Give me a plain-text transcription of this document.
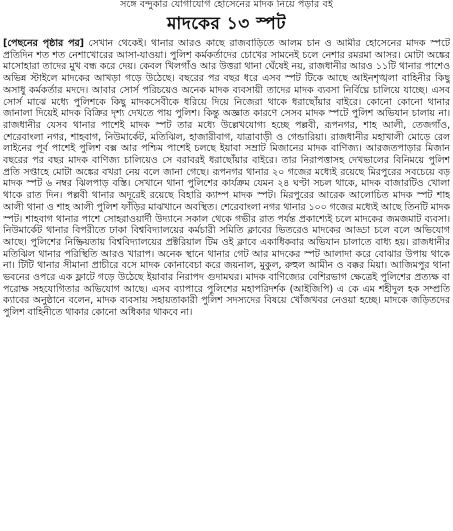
সঙ্গে বন্দুকার যোগাযোগ হোসেনের মাদক নিয়ে পড়ার বই
মাদকের ১৩ স্পট
[পেছনের পৃষ্ঠার পর] সেখান থেকেই। থানার আরও কাছে রাজবাড়িতে আলম চান ও আমীর হোসেনের মাদক স্পটে প্রতিদিন শত শত নেশাখোরের আসা-যাওয়া। পুলিশ কর্মকর্তাদের চোখের সামনেই চলে নেশার রমরমা আসর। মোটা অঙ্কের মাসোহারা তাদের মুখ বন্ধ করে দেয়। কেবল খিলগাঁও আর উত্তরা থানা ঘেঁষেই নয়, রাজধানীর আরও ১১টি থানার পাশেও অভিন্ন স্টাইলে মাদকের আখড়া গড়ে উঠেছে। বছরের পর বছর ধরে এসব স্পট টিকে আছে আইনশৃঙ্খলা বাহিনীর কিছু অসাধু কর্মকর্তার মদদে। আবার সোর্স পরিচয়েও অনেক মাদক ব্যবসায়ী তাদের মাদক ব্যবসা নির্বিঘ্নে চালিয়ে যাচ্ছে। এসব সোর্স মাঝে মধ্যে পুলিশকে কিছু মাদকসেবীকে ধরিয়ে দিয়ে নিজেরা থাকে ধরাছোঁয়ার বাইরে। কোনো কোনো থানার জানালা দিয়েই মাদক বিক্রির দৃশ্য দেখতে পায় পুলিশ। কিন্তু অজ্ঞাত কারণে সেসব মাদক স্পটে পুলিশ অভিযান চালায় না। রাজধানীর যেসব থানার পাশেই মাদক স্পট তার মধ্যে উল্লেখযোগ্য হচ্ছে পল্লবী, রূপনগর, শাহ আলী, তেজগাঁও, শেরেবাংলা নগর, শাহবাগ, নিউমার্কেট, মতিঝিল, হাজারীবাগ, যাত্রাবাড়ী ও গেন্ডারিয়া। রাজধানীর মহাখালী মোড়ে রেল লাইনের পূর্ব পাশেই পুলিশ বক্স আর পশ্চিম পাশেই চলছে ইয়াবা সম্রাট মিজানের মাদক বাণিজ্য। আরজতপাড়ার মিজান বছরের পর বছর মাদক বাণিজ্য চালিয়েও সে বরাবরই ধরাছোঁয়ার বাইরে। তার নিরাপত্তাসহ দেখভালের বিনিময়ে পুলিশ প্রতি সপ্তাহে মোটা অঙ্কের বখরা নেয় বলে জানা গেছে। রূপনগর থানার ২০ গজের মধ্যেই রয়েছে মিরপুরের সবচেয়ে বড় মাদক স্পট ৬ নম্বর ঝিলপাড় বস্তি। সেখানে থানা পুলিশের কার্যক্রম যেমন ২৪ ঘণ্টা সচল থাকে, মাদক বাজারটিও খোলা থাকে রাত দিন। পল্লবী থানার অদূরেই রয়েছে বিহারি ক্যাম্প মাদক স্পট। মিরপুরের আরেক আলোচিত মাদক স্পট শাহ আলী থানা ও শাহ আলী পুলিশ ফাঁড়ির মাঝখানে অবস্থিত। শেরেবাংলা নগর থানার ১০০ গজের মধ্যেই আছে তিনটি মাদক স্পট। শাহবাগ থানার পাশে সোহরাওয়ার্দী উদ্যানে সকাল থেকে গভীর রাত পর্যন্ত প্রকাশ্যেই চলে মাদকের জমজমাট ব্যবসা। নিউমার্কেট থানার বিপরীতে ঢাকা বিশ্ববিদ্যালয়ের কর্মচারী সমিতি ক্লাবের ভিতরেও মাদকের আড্ডা চলে বলে অভিযোগ আছে। পুলিশের নিষ্ক্রিয়তায় বিশ্ববিদ্যালয়ের প্রক্টরিয়াল টিম ওই ক্লাবে একাধিকবার অভিযান চালাতে বাধ্য হয়। রাজধানীর মতিঝিল থানার পরিস্থিতি আরও খারাপ। অনেক স্থানে থানার গেট আর মাদকের স্পট আলাদা করে বোঝার উপায় থাকে না। টিটি থানার সীমানা প্রাচীরে বসে মাদক কোনাবেচা করে জয়নাল, মুকুল, রুহুল আমীন ও বক্কর মিয়া। আজিমপুর থানা ভবনের ওপরে এক ফ্লাটে গড়ে উঠেছে ইয়াবার নিরাপদ গুদামঘর। মাদক বাণিজ্যের বেশিরভাগ ক্ষেত্রেই পুলিশের প্রত্যক্ষ বা পরোক্ষ সহযোগিতার অভিযোগ আছে। এসব ব্যাপারে পুলিশের মহাপরিদর্শক (আইজিপি) এ কে এম শহীদুল হক সম্প্রতি ক্যাবের অনুষ্ঠানে বলেন, মাদক ব্যবসায় সহায়তাকারী পুলিশ সদস্যদের বিষয়ে খোঁজখবর নেওয়া হচ্ছে। মাদকে জড়িতদের পুলিশ বাহিনীতে থাকার কোনো অধিকার থাকবে না।
